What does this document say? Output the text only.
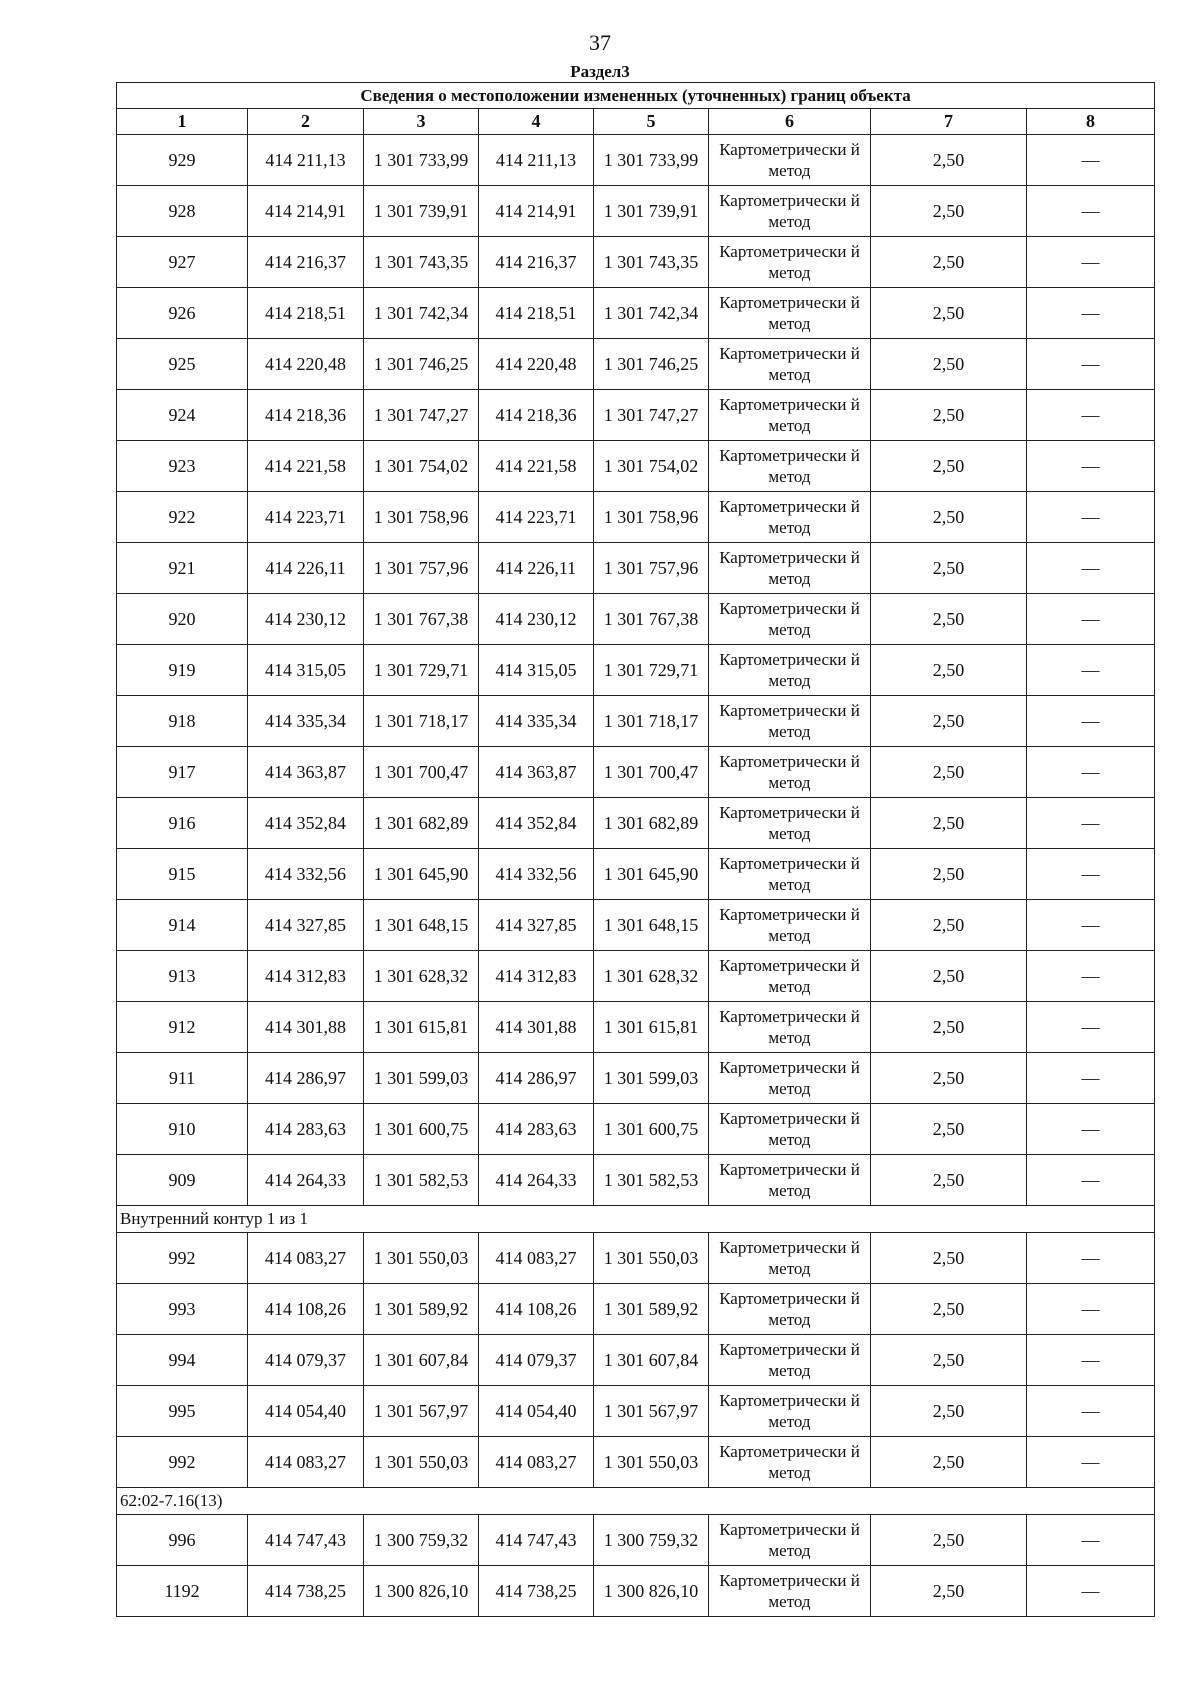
37
Раздел3
Сведения о местоположении измененных (уточненных) границ объекта							
1	2	3	4	5	6	7	8
929	414 211,13	1 301 733,99	414 211,13	1 301 733,99	Картометрически й метод	2,50	—
928	414 214,91	1 301 739,91	414 214,91	1 301 739,91	Картометрически й метод	2,50	—
927	414 216,37	1 301 743,35	414 216,37	1 301 743,35	Картометрически й метод	2,50	—
926	414 218,51	1 301 742,34	414 218,51	1 301 742,34	Картометрически й метод	2,50	—
925	414 220,48	1 301 746,25	414 220,48	1 301 746,25	Картометрически й метод	2,50	—
924	414 218,36	1 301 747,27	414 218,36	1 301 747,27	Картометрически й метод	2,50	—
923	414 221,58	1 301 754,02	414 221,58	1 301 754,02	Картометрически й метод	2,50	—
922	414 223,71	1 301 758,96	414 223,71	1 301 758,96	Картометрически й метод	2,50	—
921	414 226,11	1 301 757,96	414 226,11	1 301 757,96	Картометрически й метод	2,50	—
920	414 230,12	1 301 767,38	414 230,12	1 301 767,38	Картометрически й метод	2,50	—
919	414 315,05	1 301 729,71	414 315,05	1 301 729,71	Картометрически й метод	2,50	—
918	414 335,34	1 301 718,17	414 335,34	1 301 718,17	Картометрически й метод	2,50	—
917	414 363,87	1 301 700,47	414 363,87	1 301 700,47	Картометрически й метод	2,50	—
916	414 352,84	1 301 682,89	414 352,84	1 301 682,89	Картометрически й метод	2,50	—
915	414 332,56	1 301 645,90	414 332,56	1 301 645,90	Картометрически й метод	2,50	—
914	414 327,85	1 301 648,15	414 327,85	1 301 648,15	Картометрически й метод	2,50	—
913	414 312,83	1 301 628,32	414 312,83	1 301 628,32	Картометрически й метод	2,50	—
912	414 301,88	1 301 615,81	414 301,88	1 301 615,81	Картометрически й метод	2,50	—
911	414 286,97	1 301 599,03	414 286,97	1 301 599,03	Картометрически й метод	2,50	—
910	414 283,63	1 301 600,75	414 283,63	1 301 600,75	Картометрически й метод	2,50	—
909	414 264,33	1 301 582,53	414 264,33	1 301 582,53	Картометрически й метод	2,50	—
Внутренний контур 1 из 1							
992	414 083,27	1 301 550,03	414 083,27	1 301 550,03	Картометрически й метод	2,50	—
993	414 108,26	1 301 589,92	414 108,26	1 301 589,92	Картометрически й метод	2,50	—
994	414 079,37	1 301 607,84	414 079,37	1 301 607,84	Картометрически й метод	2,50	—
995	414 054,40	1 301 567,97	414 054,40	1 301 567,97	Картометрически й метод	2,50	—
992	414 083,27	1 301 550,03	414 083,27	1 301 550,03	Картометрически й метод	2,50	—
62:02-7.16(13)							
996	414 747,43	1 300 759,32	414 747,43	1 300 759,32	Картометрически й метод	2,50	—
1192	414 738,25	1 300 826,10	414 738,25	1 300 826,10	Картометрически й метод	2,50	—
